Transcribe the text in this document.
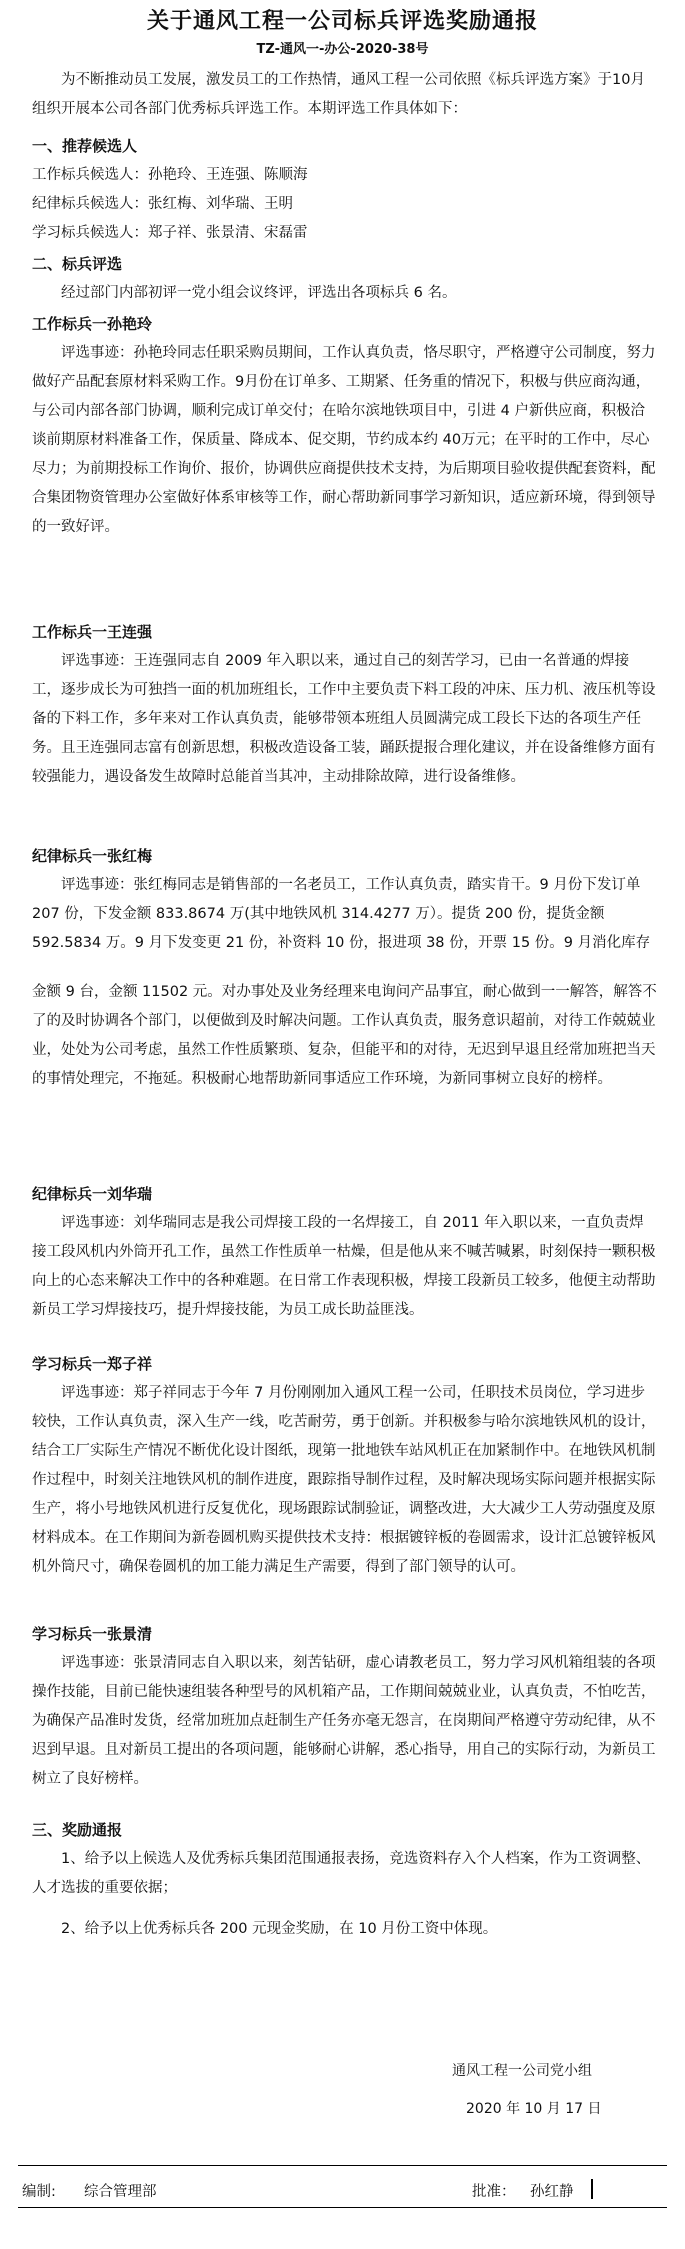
关于通风工程一公司标兵评选奖励通报
TZ-通风一-办公-2020-38号

为不断推动员工发展，激发员工的工作热情，通风工程一公司依照《标兵评选方案》于10月组织开展本公司各部门优秀标兵评选工作。本期评选工作具体如下：

一、推荐候选人

工作标兵候选人：孙艳玲、王连强、陈顺海

纪律标兵候选人：张红梅、刘华瑞、王明

学习标兵候选人：郑子祥、张景清、宋磊雷

二、标兵评选

经过部门内部初评一党小组会议终评，评选出各项标兵 6 名。

工作标兵一孙艳玲

评选事迹：孙艳玲同志任职采购员期间，工作认真负责，恪尽职守，严格遵守公司制度，努力做好产品配套原材料采购工作。9月份在订单多、工期紧、任务重的情况下，积极与供应商沟通，与公司内部各部门协调，顺利完成订单交付；在哈尔滨地铁项目中，引进 4 户新供应商，积极洽谈前期原材料准备工作，保质量、降成本、促交期，节约成本约 40万元；在平时的工作中，尽心尽力；为前期投标工作询价、报价，协调供应商提供技术支持，为后期项目验收提供配套资料，配合集团物资管理办公室做好体系审核等工作，耐心帮助新同事学习新知识，适应新环境，得到领导的一致好评。

工作标兵一王连强

评选事迹：王连强同志自 2009 年入职以来，通过自己的刻苦学习，已由一名普通的焊接工，逐步成长为可独挡一面的机加班组长，工作中主要负责下料工段的冲床、压力机、液压机等设备的下料工作，多年来对工作认真负责，能够带领本班组人员圆满完成工段长下达的各项生产任务。且王连强同志富有创新思想，积极改造设备工装，踊跃提报合理化建议，并在设备维修方面有较强能力，遇设备发生故障时总能首当其冲，主动排除故障，进行设备维修。

纪律标兵一张红梅

评选事迹：张红梅同志是销售部的一名老员工，工作认真负责，踏实肯干。9 月份下发订单 207 份，下发金额 833.8674 万(其中地铁风机 314.4277 万）。提货 200 份，提货金额 592.5834 万。9 月下发变更 21 份，补资料 10 份，报进项 38 份，开票 15 份。9 月消化库存

金额 9 台，金额 11502 元。对办事处及业务经理来电询问产品事宜，耐心做到一一解答，解答不了的及时协调各个部门，以便做到及时解决问题。工作认真负责，服务意识超前，对待工作兢兢业业，处处为公司考虑，虽然工作性质繁琐、复杂，但能平和的对待，无迟到早退且经常加班把当天的事情处理完，不拖延。积极耐心地帮助新同事适应工作环境，为新同事树立良好的榜样。

纪律标兵一刘华瑞

评选事迹：刘华瑞同志是我公司焊接工段的一名焊接工，自 2011 年入职以来，一直负责焊接工段风机内外筒开孔工作，虽然工作性质单一枯燥，但是他从来不喊苦喊累，时刻保持一颗积极向上的心态来解决工作中的各种难题。在日常工作表现积极，焊接工段新员工较多，他便主动帮助新员工学习焊接技巧，提升焊接技能，为员工成长助益匪浅。

学习标兵一郑子祥

评选事迹：郑子祥同志于今年 7 月份刚刚加入通风工程一公司，任职技术员岗位，学习进步较快，工作认真负责，深入生产一线，吃苦耐劳，勇于创新。并积极参与哈尔滨地铁风机的设计，结合工厂实际生产情况不断优化设计图纸，现第一批地铁车站风机正在加紧制作中。在地铁风机制作过程中，时刻关注地铁风机的制作进度，跟踪指导制作过程，及时解决现场实际问题并根据实际生产，将小号地铁风机进行反复优化，现场跟踪试制验证，调整改进，大大减少工人劳动强度及原材料成本。在工作期间为新卷圆机购买提供技术支持：根据镀锌板的卷圆需求，设计汇总镀锌板风机外筒尺寸，确保卷圆机的加工能力满足生产需要，得到了部门领导的认可。

学习标兵一张景清

评选事迹：张景清同志自入职以来，刻苦钻研，虚心请教老员工，努力学习风机箱组装的各项操作技能，目前已能快速组装各种型号的风机箱产品，工作期间兢兢业业，认真负责，不怕吃苦，为确保产品准时发货，经常加班加点赶制生产任务亦毫无怨言，在岗期间严格遵守劳动纪律，从不迟到早退。且对新员工提出的各项问题，能够耐心讲解，悉心指导，用自己的实际行动，为新员工树立了良好榜样。

三、奖励通报

1、给予以上候选人及优秀标兵集团范围通报表扬，竞选资料存入个人档案，作为工资调整、人才选拔的重要依据；

2、给予以上优秀标兵各 200 元现金奖励，在 10 月份工资中体现。

通风工程一公司党小组
2020 年 10 月 17 日
编制: 综合管理部	批准： 孙红静
